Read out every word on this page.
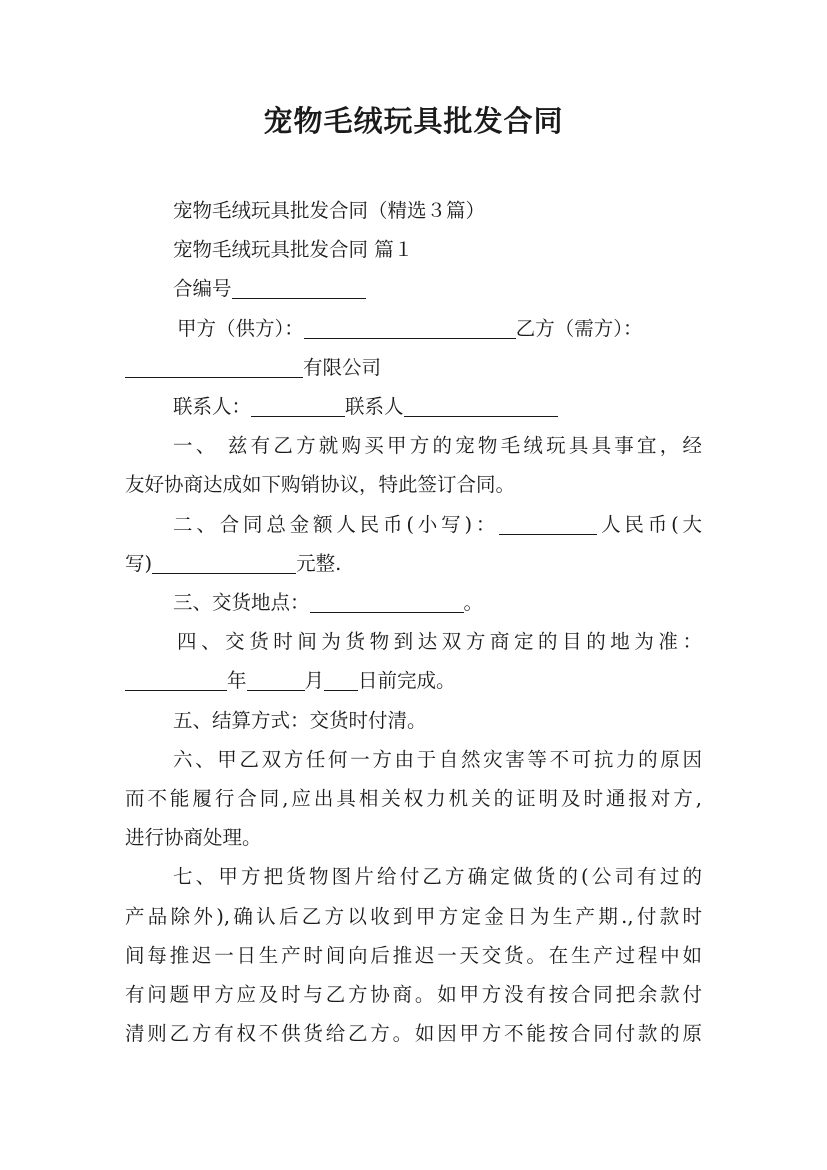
宠物毛绒玩具批发合同

宠物毛绒玩具批发合同（精选３篇）

宠物毛绒玩具批发合同 篇１

合编号

甲方（供方）：	乙方（需方）：

有限公司

联系人：	联系人

一、 兹有乙方就购买甲方的宠物毛绒玩具具事宜，经

友好协商达成如下购销协议，特此签订合同。

二、合同总金额人民币(小写)：	人民币(大

写)	元整.

三、交货地点：	。

四、交货时间为货物到达双方商定的目的地为准：

年	月 日前完成。

五、结算方式：交货时付清。

六、甲乙双方任何一方由于自然灾害等不可抗力的原因

而不能履行合同,应出具相关权力机关的证明及时通报对方,

进行协商处理。

七、甲方把货物图片给付乙方确定做货的(公司有过的

产品除外),确认后乙方以收到甲方定金日为生产期.,付款时

间每推迟一日生产时间向后推迟一天交货。在生产过程中如

有问题甲方应及时与乙方协商。如甲方没有按合同把余款付

清则乙方有权不供货给乙方。如因甲方不能按合同付款的原
